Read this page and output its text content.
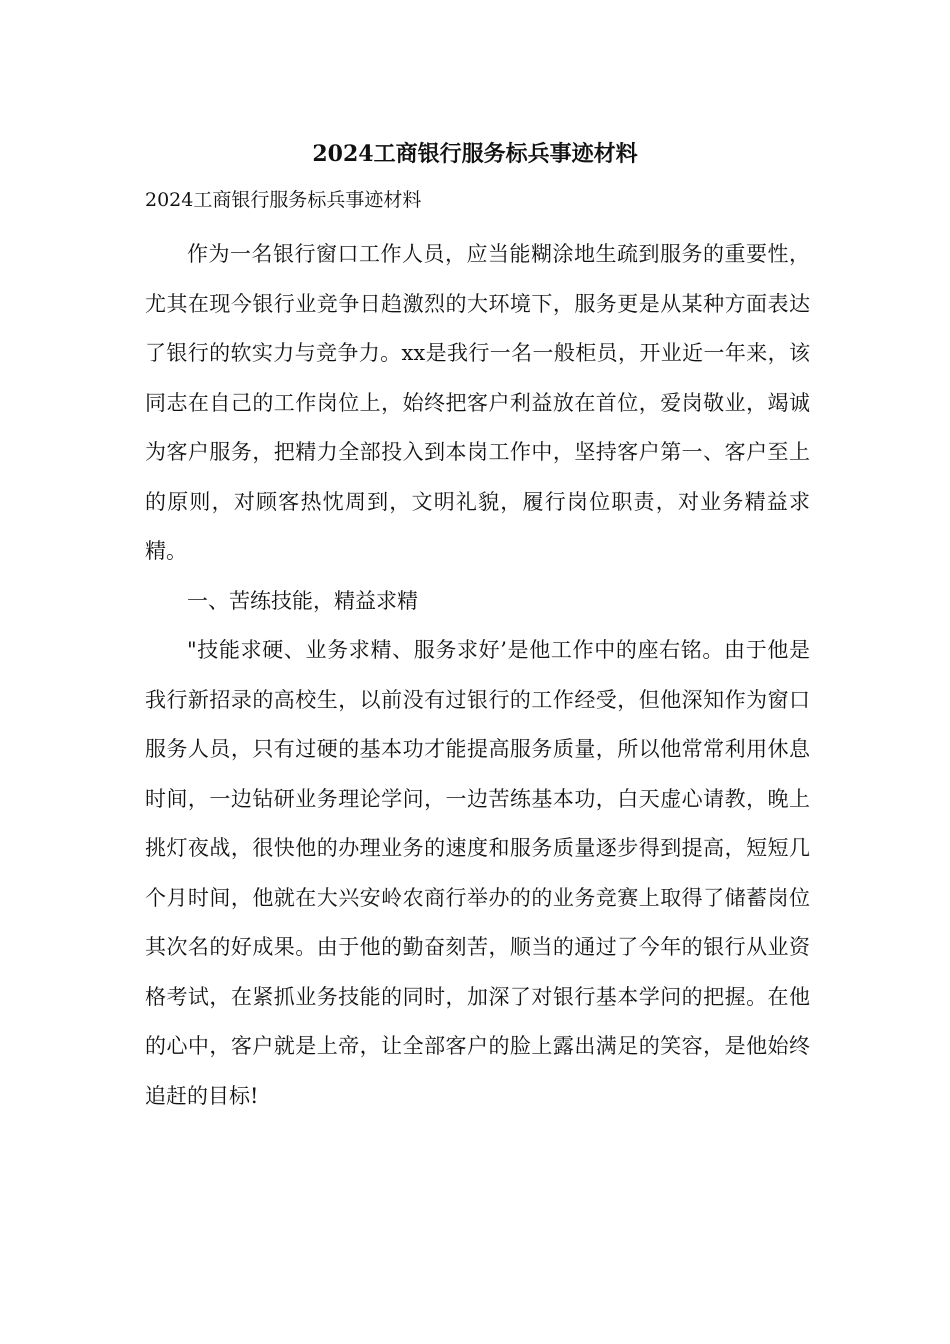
2024工商银行服务标兵事迹材料
2024工商银行服务标兵事迹材料

作为一名银行窗口工作人员，应当能糊涂地生疏到服务的重要性，尤其在现今银行业竞争日趋激烈的大环境下，服务更是从某种方面表达了银行的软实力与竞争力。xx是我行一名一般柜员，开业近一年来，该同志在自己的工作岗位上，始终把客户利益放在首位，爱岗敬业，竭诚为客户服务，把精力全部投入到本岗工作中，坚持客户第一、客户至上的原则，对顾客热忱周到，文明礼貌，履行岗位职责，对业务精益求精。

一、苦练技能，精益求精

"技能求硬、业务求精、服务求好’是他工作中的座右铭。由于他是我行新招录的高校生，以前没有过银行的工作经受，但他深知作为窗口服务人员，只有过硬的基本功才能提高服务质量，所以他常常利用休息时间，一边钻研业务理论学问，一边苦练基本功，白天虚心请教，晚上挑灯夜战，很快他的办理业务的速度和服务质量逐步得到提高，短短几个月时间，他就在大兴安岭农商行举办的的业务竞赛上取得了储蓄岗位其次名的好成果。由于他的勤奋刻苦，顺当的通过了今年的银行从业资格考试，在紧抓业务技能的同时，加深了对银行基本学问的把握。在他的心中，客户就是上帝，让全部客户的脸上露出满足的笑容，是他始终追赶的目标!
